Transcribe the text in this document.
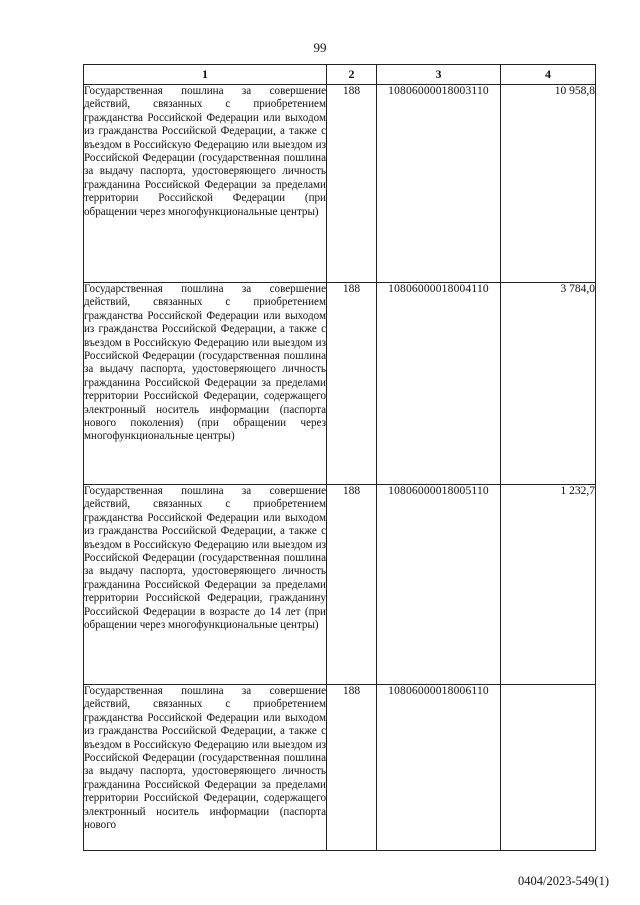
99
1	2	3	4
Государственная пошлина за совершение действий, связанных с приобретением гражданства Российской Федерации или выходом из гражданства Российской Федерации, а также с въездом в Российскую Федерацию или выездом из Российской Федерации (государственная пошлина за выдачу паспорта, удостоверяющего личность гражданина Российской Федерации за пределами территории Российской Федерации (при обращении через многофункциональные центры)	188	10806000018003110	10 958,8
Государственная пошлина за совершение действий, связанных с приобретением гражданства Российской Федерации или выходом из гражданства Российской Федерации, а также с въездом в Российскую Федерацию или выездом из Российской Федерации (государственная пошлина за выдачу паспорта, удостоверяющего личность гражданина Российской Федерации за пределами территории Российской Федерации, содержащего электронный носитель информации (паспорта нового поколения) (при обращении через многофункциональные центры)	188	10806000018004110	3 784,0
Государственная пошлина за совершение действий, связанных с приобретением гражданства Российской Федерации или выходом из гражданства Российской Федерации, а также с въездом в Российскую Федерацию или выездом из Российской Федерации (государственная пошлина за выдачу паспорта, удостоверяющего личность гражданина Российской Федерации за пределами территории Российской Федерации, гражданину Российской Федерации в возрасте до 14 лет (при обращении через многофункциональные центры)	188	10806000018005110	1 232,7
Государственная пошлина за совершение действий, связанных с приобретением гражданства Российской Федерации или выходом из гражданства Российской Федерации, а также с въездом в Российскую Федерацию или выездом из Российской Федерации (государственная пошлина за выдачу паспорта, удостоверяющего личность гражданина Российской Федерации за пределами территории Российской Федерации, содержащего электронный носитель информации (паспорта нового	188	10806000018006110	
0404/2023-549(1)
